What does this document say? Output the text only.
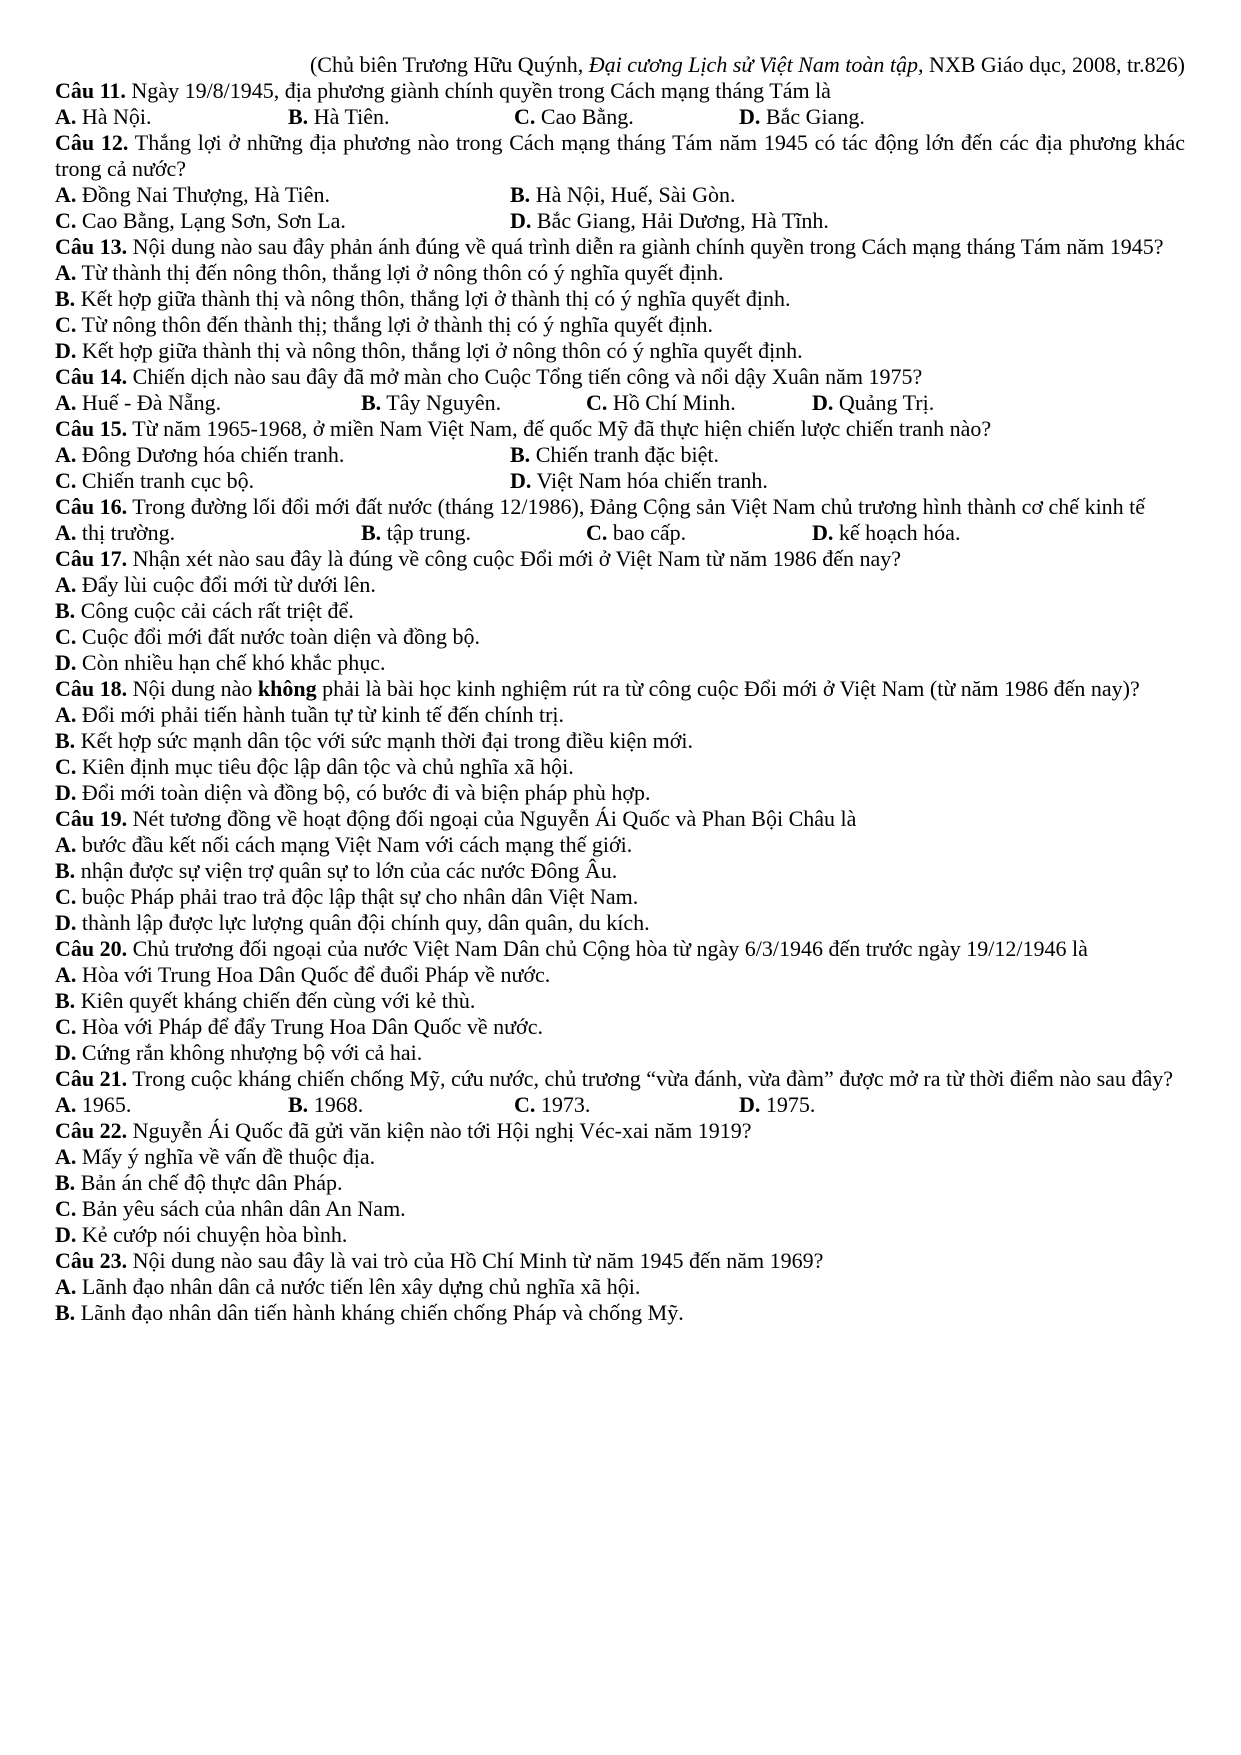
(Chủ biên Trương Hữu Quýnh, Đại cương Lịch sử Việt Nam toàn tập, NXB Giáo dục, 2008, tr.826)

Câu 11. Ngày 19/8/1945, địa phương giành chính quyền trong Cách mạng tháng Tám là

A. Hà Nội.	B. Hà Tiên.	C. Cao Bằng.	D. Bắc Giang.

Câu 12. Thắng lợi ở những địa phương nào trong Cách mạng tháng Tám năm 1945 có tác động lớn đến các địa phương khác trong cả nước?

A. Đồng Nai Thượng, Hà Tiên.	B. Hà Nội, Huế, Sài Gòn.
C. Cao Bằng, Lạng Sơn, Sơn La.	D. Bắc Giang, Hải Dương, Hà Tĩnh.

Câu 13. Nội dung nào sau đây phản ánh đúng về quá trình diễn ra giành chính quyền trong Cách mạng tháng Tám năm 1945?

A. Từ thành thị đến nông thôn, thắng lợi ở nông thôn có ý nghĩa quyết định.
B. Kết hợp giữa thành thị và nông thôn, thắng lợi ở thành thị có ý nghĩa quyết định.
C. Từ nông thôn đến thành thị; thắng lợi ở thành thị có ý nghĩa quyết định.
D. Kết hợp giữa thành thị và nông thôn, thắng lợi ở nông thôn có ý nghĩa quyết định.

Câu 14. Chiến dịch nào sau đây đã mở màn cho Cuộc Tổng tiến công và nổi dậy Xuân năm 1975?

A. Huế - Đà Nẵng.	B. Tây Nguyên.	C. Hồ Chí Minh.	D. Quảng Trị.

Câu 15. Từ năm 1965-1968, ở miền Nam Việt Nam, đế quốc Mỹ đã thực hiện chiến lược chiến tranh nào?

A. Đông Dương hóa chiến tranh.	B. Chiến tranh đặc biệt.
C. Chiến tranh cục bộ.	D. Việt Nam hóa chiến tranh.

Câu 16. Trong đường lối đổi mới đất nước (tháng 12/1986), Đảng Cộng sản Việt Nam chủ trương hình thành cơ chế kinh tế

A. thị trường.	B. tập trung.	C. bao cấp.	D. kế hoạch hóa.

Câu 17. Nhận xét nào sau đây là đúng về công cuộc Đổi mới ở Việt Nam từ năm 1986 đến nay?

A. Đẩy lùi cuộc đổi mới từ dưới lên.
B. Công cuộc cải cách rất triệt để.
C. Cuộc đổi mới đất nước toàn diện và đồng bộ.
D. Còn nhiều hạn chế khó khắc phục.

Câu 18. Nội dung nào không phải là bài học kinh nghiệm rút ra từ công cuộc Đổi mới ở Việt Nam (từ năm 1986 đến nay)?

A. Đổi mới phải tiến hành tuần tự từ kinh tế đến chính trị.
B. Kết hợp sức mạnh dân tộc với sức mạnh thời đại trong điều kiện mới.
C. Kiên định mục tiêu độc lập dân tộc và chủ nghĩa xã hội.
D. Đổi mới toàn diện và đồng bộ, có bước đi và biện pháp phù hợp.

Câu 19. Nét tương đồng về hoạt động đối ngoại của Nguyễn Ái Quốc và Phan Bội Châu là

A. bước đầu kết nối cách mạng Việt Nam với cách mạng thế giới.
B. nhận được sự viện trợ quân sự to lớn của các nước Đông Âu.
C. buộc Pháp phải trao trả độc lập thật sự cho nhân dân Việt Nam.
D. thành lập được lực lượng quân đội chính quy, dân quân, du kích.

Câu 20. Chủ trương đối ngoại của nước Việt Nam Dân chủ Cộng hòa từ ngày 6/3/1946 đến trước ngày 19/12/1946 là

A. Hòa với Trung Hoa Dân Quốc để đuổi Pháp về nước.
B. Kiên quyết kháng chiến đến cùng với kẻ thù.
C. Hòa với Pháp để đẩy Trung Hoa Dân Quốc về nước.
D. Cứng rắn không nhượng bộ với cả hai.

Câu 21. Trong cuộc kháng chiến chống Mỹ, cứu nước, chủ trương “vừa đánh, vừa đàm” được mở ra từ thời điểm nào sau đây?

A. 1965.	B. 1968.	C. 1973.	D. 1975.

Câu 22. Nguyễn Ái Quốc đã gửi văn kiện nào tới Hội nghị Véc-xai năm 1919?

A. Mấy ý nghĩa về vấn đề thuộc địa.
B. Bản án chế độ thực dân Pháp.
C. Bản yêu sách của nhân dân An Nam.
D. Kẻ cướp nói chuyện hòa bình.

Câu 23. Nội dung nào sau đây là vai trò của Hồ Chí Minh từ năm 1945 đến năm 1969?

A. Lãnh đạo nhân dân cả nước tiến lên xây dựng chủ nghĩa xã hội.
B. Lãnh đạo nhân dân tiến hành kháng chiến chống Pháp và chống Mỹ.
